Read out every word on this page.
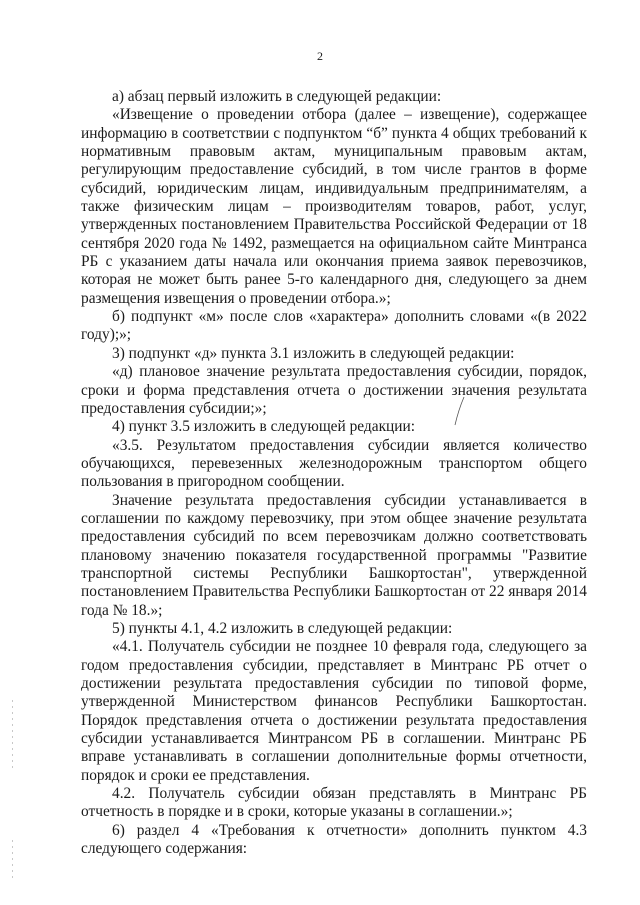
2

а) абзац первый изложить в следующей редакции:

«Извещение о проведении отбора (далее – извещение), содержащее информацию в соответствии с подпунктом “б” пункта 4 общих требований к нормативным правовым актам, муниципальным правовым актам, регулирующим предоставление субсидий, в том числе грантов в форме субсидий, юридическим лицам, индивидуальным предпринимателям, а также физическим лицам – производителям товаров, работ, услуг, утвержденных постановлением Правительства Российской Федерации от 18 сентября 2020 года № 1492, размещается на официальном сайте Минтранса РБ с указанием даты начала или окончания приема заявок перевозчиков, которая не может быть ранее 5-го календарного дня, следующего за днем размещения извещения о проведении отбора.»;

б) подпункт «м» после слов «характера» дополнить словами «(в 2022 году);»;

3) подпункт «д» пункта 3.1 изложить в следующей редакции:

«д) плановое значение результата предоставления субсидии, порядок, сроки и форма представления отчета о достижении значения результата предоставления субсидии;»;

4) пункт 3.5 изложить в следующей редакции:

«3.5. Результатом предоставления субсидии является количество обучающихся, перевезенных железнодорожным транспортом общего пользования в пригородном сообщении.

Значение результата предоставления субсидии устанавливается в соглашении по каждому перевозчику, при этом общее значение результата предоставления субсидий по всем перевозчикам должно соответствовать плановому значению показателя государственной программы "Развитие транспортной системы Республики Башкортостан", утвержденной постановлением Правительства Республики Башкортостан от 22 января 2014 года № 18.»;

5) пункты 4.1, 4.2 изложить в следующей редакции:

«4.1. Получатель субсидии не позднее 10 февраля года, следующего за годом предоставления субсидии, представляет в Минтранс РБ отчет о достижении результата предоставления субсидии по типовой форме, утвержденной Министерством финансов Республики Башкортостан. Порядок представления отчета о достижении результата предоставления субсидии устанавливается Минтрансом РБ в соглашении. Минтранс РБ вправе устанавливать в соглашении дополнительные формы отчетности, порядок и сроки ее представления.

4.2. Получатель субсидии обязан представлять в Минтранс РБ отчетность в порядке и в сроки, которые указаны в соглашении.»;

6) раздел 4 «Требования к отчетности» дополнить пунктом 4.3 следующего содержания:
